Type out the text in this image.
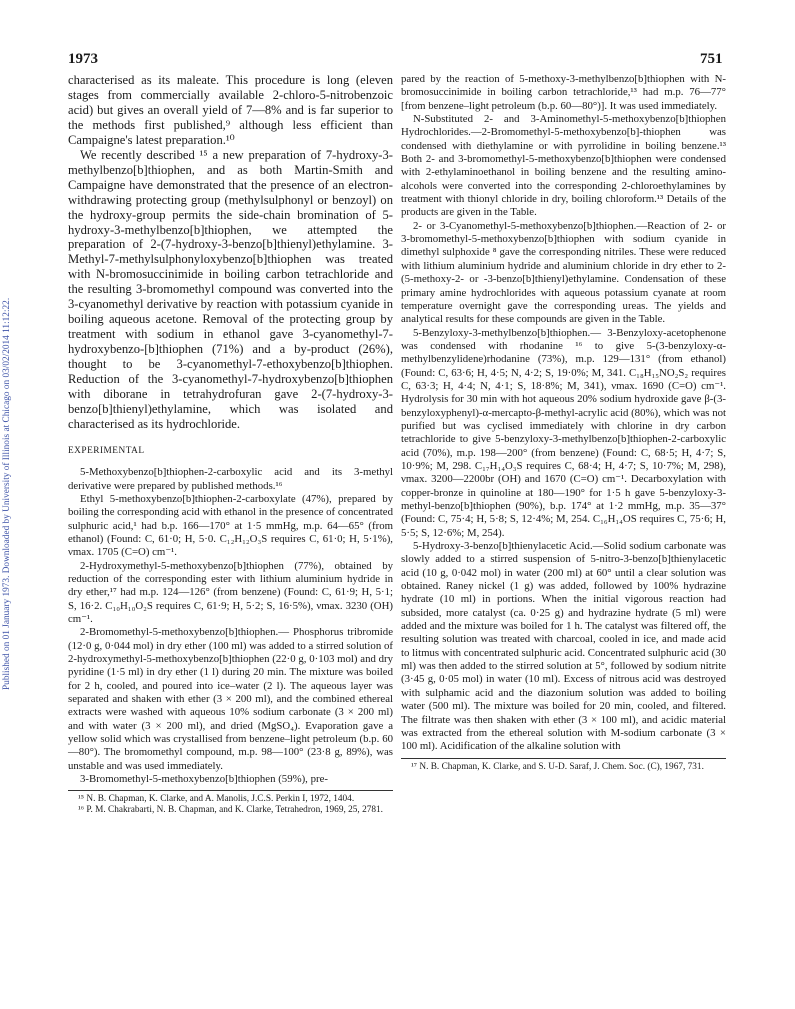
1973	751
Published on 01 January 1973. Downloaded by University of Illinois at Chicago on 03/02/2014 11:12:22.

characterised as its maleate. This procedure is long (eleven stages from commercially available 2-chloro-5-nitrobenzoic acid) but gives an overall yield of 7—8% and is far superior to the methods first published,⁹ although less efficient than Campaigne's latest preparation.¹⁰

We recently described ¹⁵ a new preparation of 7-hydroxy-3-methylbenzo[b]thiophen, and as both Martin-Smith and Campaigne have demonstrated that the presence of an electron-withdrawing protecting group (methylsulphonyl or benzoyl) on the hydroxy-group permits the side-chain bromination of 5-hydroxy-3-methylbenzo[b]thiophen, we attempted the preparation of 2-(7-hydroxy-3-benzo[b]thienyl)ethylamine. 3-Methyl-7-methylsulphonyloxybenzo[b]thiophen was treated with N-bromosuccinimide in boiling carbon tetrachloride and the resulting 3-bromomethyl compound was converted into the 3-cyanomethyl derivative by reaction with potassium cyanide in boiling aqueous acetone. Removal of the protecting group by treatment with sodium in ethanol gave 3-cyanomethyl-7-hydroxybenzo-[b]thiophen (71%) and a by-product (26%), thought to be 3-cyanomethyl-7-ethoxybenzo[b]thiophen. Reduction of the 3-cyanomethyl-7-hydroxybenzo[b]thiophen with diborane in tetrahydrofuran gave 2-(7-hydroxy-3-benzo[b]thienyl)ethylamine, which was isolated and characterised as its hydrochloride.

EXPERIMENTAL

5-Methoxybenzo[b]thiophen-2-carboxylic acid and its 3-methyl derivative were prepared by published methods.¹⁶

Ethyl 5-methoxybenzo[b]thiophen-2-carboxylate (47%), prepared by boiling the corresponding acid with ethanol in the presence of concentrated sulphuric acid,¹ had b.p. 166—170° at 1·5 mmHg, m.p. 64—65° (from ethanol) (Found: C, 61·0; H, 5·0. C₁₂H₁₂O₃S requires C, 61·0; H, 5·1%), νmax. 1705 (C=O) cm⁻¹.

2-Hydroxymethyl-5-methoxybenzo[b]thiophen (77%), obtained by reduction of the corresponding ester with lithium aluminium hydride in dry ether,¹⁷ had m.p. 124—126° (from benzene) (Found: C, 61·9; H, 5·1; S, 16·2. C₁₀H₁₀O₂S requires C, 61·9; H, 5·2; S, 16·5%), νmax. 3230 (OH) cm⁻¹.

2-Bromomethyl-5-methoxybenzo[b]thiophen.— Phosphorus tribromide (12·0 g, 0·044 mol) in dry ether (100 ml) was added to a stirred solution of 2-hydroxymethyl-5-methoxybenzo[b]thiophen (22·0 g, 0·103 mol) and dry pyridine (1·5 ml) in dry ether (1 l) during 20 min. The mixture was boiled for 2 h, cooled, and poured into ice–water (2 l). The aqueous layer was separated and shaken with ether (3 × 200 ml), and the combined ethereal extracts were washed with aqueous 10% sodium carbonate (3 × 200 ml) and with water (3 × 200 ml), and dried (MgSO₄). Evaporation gave a yellow solid which was crystallised from benzene–light petroleum (b.p. 60—80°). The bromomethyl compound, m.p. 98—100° (23·8 g, 89%), was unstable and was used immediately.

3-Bromomethyl-5-methoxybenzo[b]thiophen (59%), pre-

¹⁵ N. B. Chapman, K. Clarke, and A. Manolis, J.C.S. Perkin I, 1972, 1404.

¹⁶ P. M. Chakrabarti, N. B. Chapman, and K. Clarke, Tetrahedron, 1969, 25, 2781.

pared by the reaction of 5-methoxy-3-methylbenzo[b]thiophen with N-bromosuccinimide in boiling carbon tetrachloride,¹³ had m.p. 76—77° [from benzene–light petroleum (b.p. 60—80°)]. It was used immediately.

N-Substituted 2- and 3-Aminomethyl-5-methoxybenzo[b]thiophen Hydrochlorides.—2-Bromomethyl-5-methoxybenzo[b]-thiophen was condensed with diethylamine or with pyrrolidine in boiling benzene.¹³ Both 2- and 3-bromomethyl-5-methoxybenzo[b]thiophen were condensed with 2-ethylaminoethanol in boiling benzene and the resulting amino-alcohols were converted into the corresponding 2-chloroethylamines by treatment with thionyl chloride in dry, boiling chloroform.¹³ Details of the products are given in the Table.

2- or 3-Cyanomethyl-5-methoxybenzo[b]thiophen.—Reaction of 2- or 3-bromomethyl-5-methoxybenzo[b]thiophen with sodium cyanide in dimethyl sulphoxide ⁸ gave the corresponding nitriles. These were reduced with lithium aluminium hydride and aluminium chloride in dry ether to 2-(5-methoxy-2- or -3-benzo[b]thienyl)ethylamine. Condensation of these primary amine hydrochlorides with aqueous potassium cyanate at room temperature overnight gave the corresponding ureas. The yields and analytical results for these compounds are given in the Table.

5-Benzyloxy-3-methylbenzo[b]thiophen.— 3-Benzyloxy-acetophenone was condensed with rhodanine ¹⁶ to give 5-(3-benzyloxy-α-methylbenzylidene)rhodanine (73%), m.p. 129—131° (from ethanol) (Found: C, 63·6; H, 4·5; N, 4·2; S, 19·0%; M, 341. C₁₈H₁₅NO₂S₂ requires C, 63·3; H, 4·4; N, 4·1; S, 18·8%; M, 341), νmax. 1690 (C=O) cm⁻¹. Hydrolysis for 30 min with hot aqueous 20% sodium hydroxide gave β-(3-benzyloxyphenyl)-α-mercapto-β-methyl-acrylic acid (80%), which was not purified but was cyclised immediately with chlorine in dry carbon tetrachloride to give 5-benzyloxy-3-methylbenzo[b]thiophen-2-carboxylic acid (70%), m.p. 198—200° (from benzene) (Found: C, 68·5; H, 4·7; S, 10·9%; M, 298. C₁₇H₁₄O₃S requires C, 68·4; H, 4·7; S, 10·7%; M, 298), νmax. 3200—2200br (OH) and 1670 (C=O) cm⁻¹. Decarboxylation with copper-bronze in quinoline at 180—190° for 1·5 h gave 5-benzyloxy-3-methyl-benzo[b]thiophen (90%), b.p. 174° at 1·2 mmHg, m.p. 35—37° (Found: C, 75·4; H, 5·8; S, 12·4%; M, 254. C₁₆H₁₄OS requires C, 75·6; H, 5·5; S, 12·6%; M, 254).

5-Hydroxy-3-benzo[b]thienylacetic Acid.—Solid sodium carbonate was slowly added to a stirred suspension of 5-nitro-3-benzo[b]thienylacetic acid (10 g, 0·042 mol) in water (200 ml) at 60° until a clear solution was obtained. Raney nickel (1 g) was added, followed by 100% hydrazine hydrate (10 ml) in portions. When the initial vigorous reaction had subsided, more catalyst (ca. 0·25 g) and hydrazine hydrate (5 ml) were added and the mixture was boiled for 1 h. The catalyst was filtered off, the resulting solution was treated with charcoal, cooled in ice, and made acid to litmus with concentrated sulphuric acid. Concentrated sulphuric acid (30 ml) was then added to the stirred solution at 5°, followed by sodium nitrite (3·45 g, 0·05 mol) in water (10 ml). Excess of nitrous acid was destroyed with sulphamic acid and the diazonium solution was added to boiling water (500 ml). The mixture was boiled for 20 min, cooled, and filtered. The filtrate was then shaken with ether (3 × 100 ml), and acidic material was extracted from the ethereal solution with M-sodium carbonate (3 × 100 ml). Acidification of the alkaline solution with

¹⁷ N. B. Chapman, K. Clarke, and S. U-D. Saraf, J. Chem. Soc. (C), 1967, 731.
